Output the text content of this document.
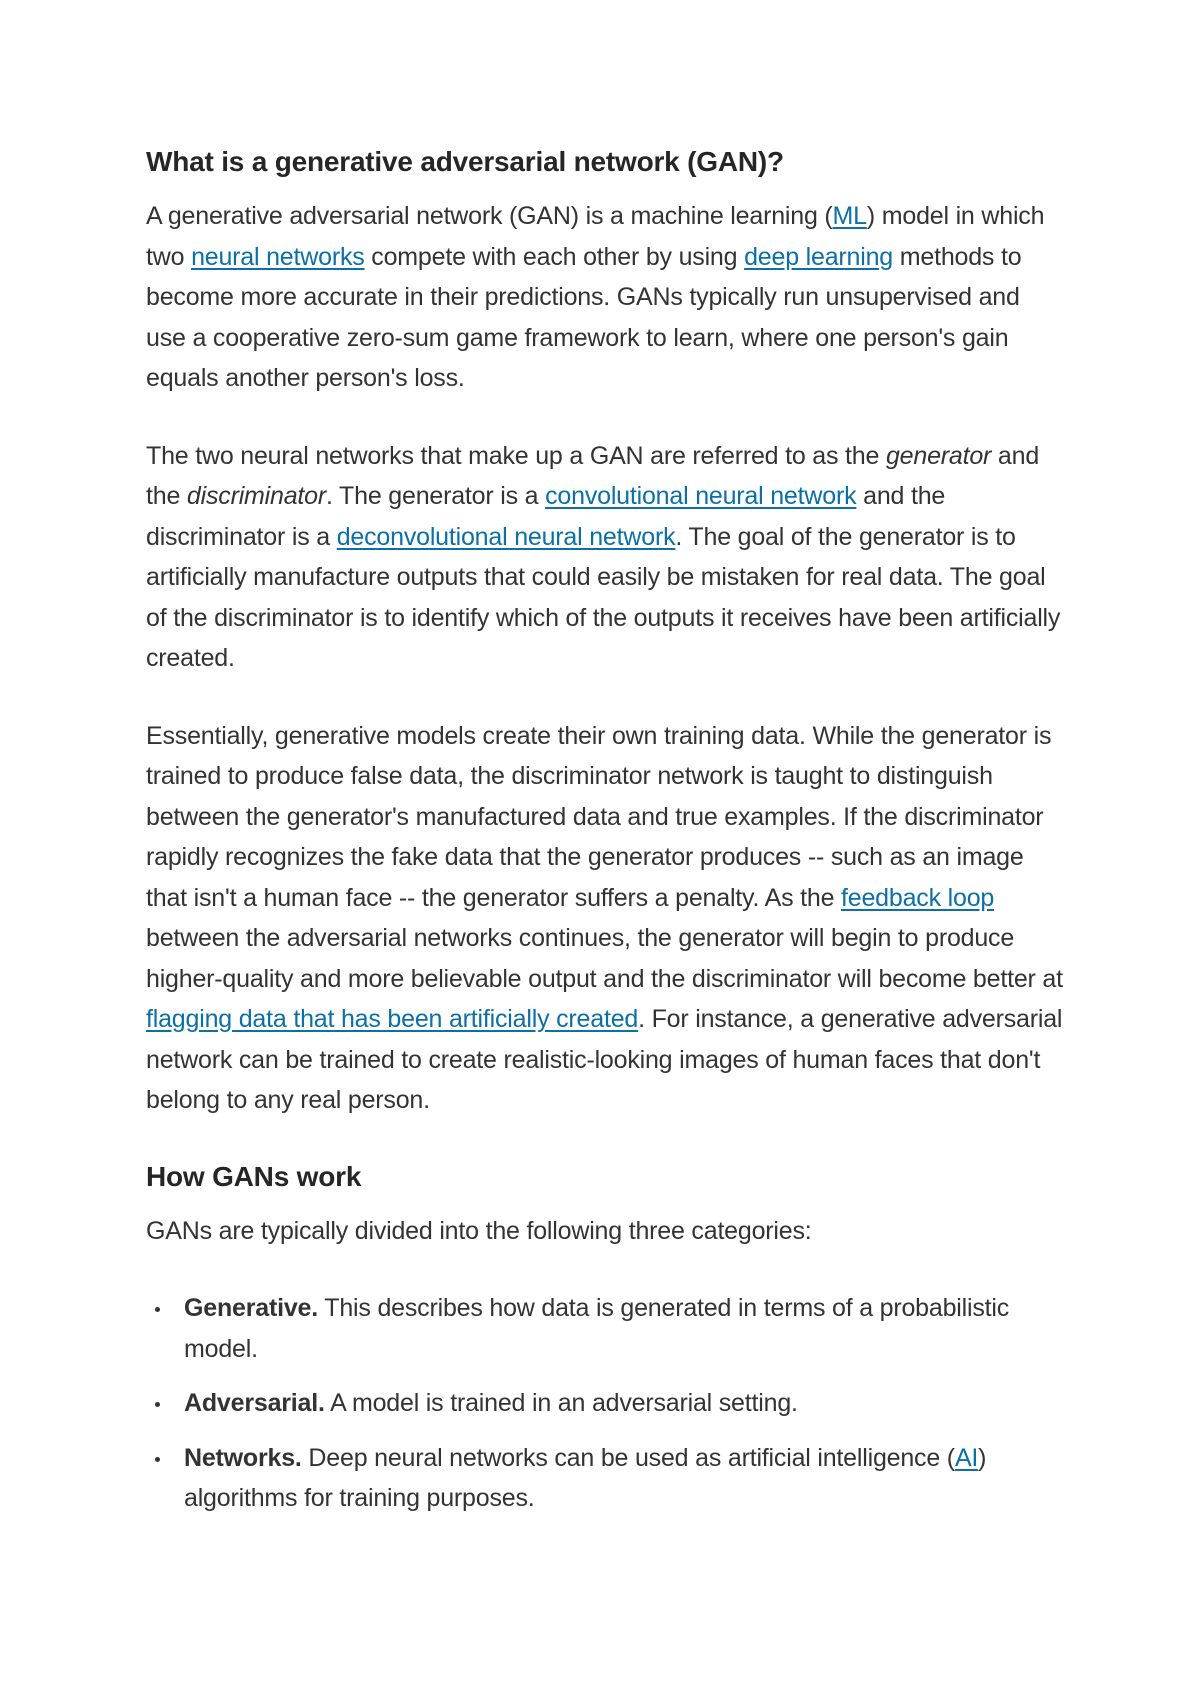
What is a generative adversarial network (GAN)?

A generative adversarial network (GAN) is a machine learning (ML) model in which two neural networks compete with each other by using deep learning methods to become more accurate in their predictions. GANs typically run unsupervised and use a cooperative zero-sum game framework to learn, where one person's gain equals another person's loss.

The two neural networks that make up a GAN are referred to as the generator and the discriminator. The generator is a convolutional neural network and the discriminator is a deconvolutional neural network. The goal of the generator is to artificially manufacture outputs that could easily be mistaken for real data. The goal of the discriminator is to identify which of the outputs it receives have been artificially created.

Essentially, generative models create their own training data. While the generator is trained to produce false data, the discriminator network is taught to distinguish between the generator's manufactured data and true examples. If the discriminator rapidly recognizes the fake data that the generator produces -- such as an image that isn't a human face -- the generator suffers a penalty. As the feedback loop between the adversarial networks continues, the generator will begin to produce higher-quality and more believable output and the discriminator will become better at flagging data that has been artificially created. For instance, a generative adversarial network can be trained to create realistic-looking images of human faces that don't belong to any real person.

How GANs work

GANs are typically divided into the following three categories:

Generative. This describes how data is generated in terms of a probabilistic model.
Adversarial. A model is trained in an adversarial setting.
Networks. Deep neural networks can be used as artificial intelligence (AI) algorithms for training purposes.
